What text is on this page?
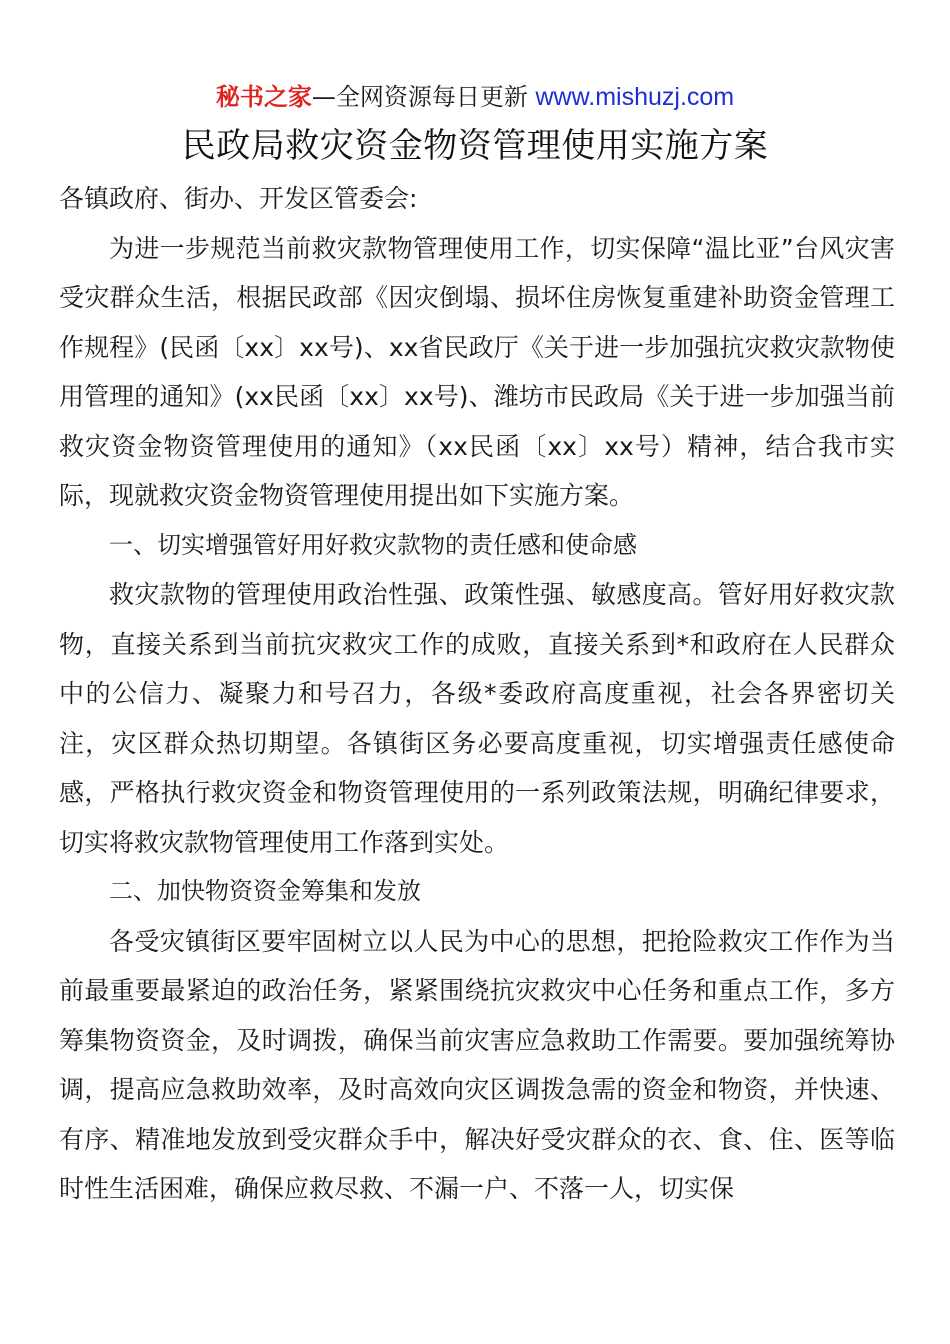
秘书之家—全网资源每日更新 www.mishuzj.com
民政局救灾资金物资管理使用实施方案

各镇政府、街办、开发区管委会:

为进一步规范当前救灾款物管理使用工作，切实保障“温比亚”台风灾害受灾群众生活，根据民政部《因灾倒塌、损坏住房恢复重建补助资金管理工作规程》(民函〔xx〕xx号)、xx省民政厅《关于进一步加强抗灾救灾款物使用管理的通知》(xx民函〔xx〕xx号)、潍坊市民政局《关于进一步加强当前救灾资金物资管理使用的通知》（xx民函〔xx〕xx号）精神，结合我市实际，现就救灾资金物资管理使用提出如下实施方案。

一、切实增强管好用好救灾款物的责任感和使命感

救灾款物的管理使用政治性强、政策性强、敏感度高。管好用好救灾款物，直接关系到当前抗灾救灾工作的成败，直接关系到*和政府在人民群众中的公信力、凝聚力和号召力，各级*委政府高度重视，社会各界密切关注，灾区群众热切期望。各镇街区务必要高度重视，切实增强责任感使命感，严格执行救灾资金和物资管理使用的一系列政策法规，明确纪律要求，切实将救灾款物管理使用工作落到实处。

二、加快物资资金筹集和发放

各受灾镇街区要牢固树立以人民为中心的思想，把抢险救灾工作作为当前最重要最紧迫的政治任务，紧紧围绕抗灾救灾中心任务和重点工作，多方筹集物资资金，及时调拨，确保当前灾害应急救助工作需要。要加强统筹协调，提高应急救助效率，及时高效向灾区调拨急需的资金和物资，并快速、有序、精准地发放到受灾群众手中，解决好受灾群众的衣、食、住、医等临时性生活困难，确保应救尽救、不漏一户、不落一人，切实保
